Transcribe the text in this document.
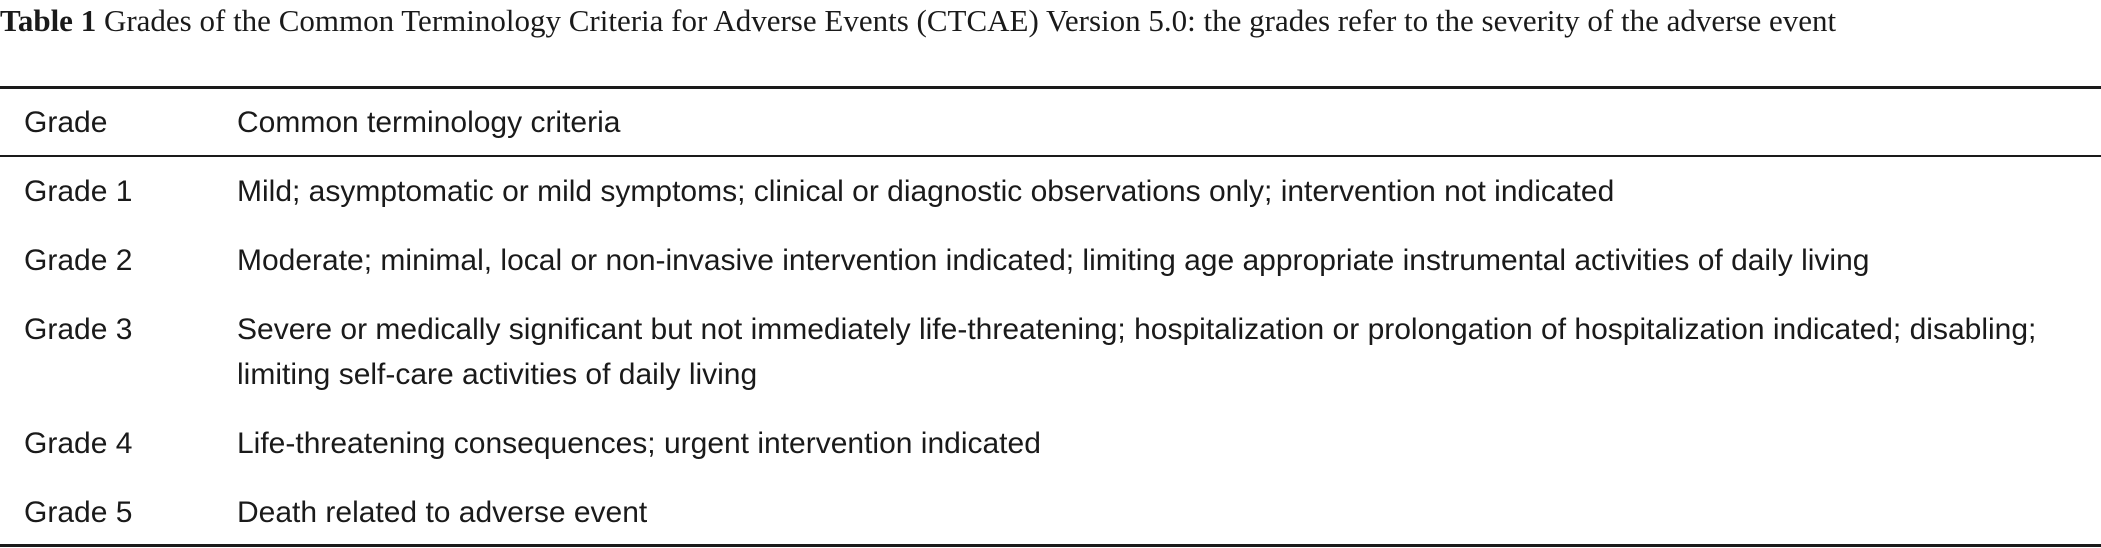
Table 1 Grades of the Common Terminology Criteria for Adverse Events (CTCAE) Version 5.0: the grades refer to the severity of the adverse event
Grade	Common terminology criteria
Grade 1	Mild; asymptomatic or mild symptoms; clinical or diagnostic observations only; intervention not indicated
Grade 2	Moderate; minimal, local or non-invasive intervention indicated; limiting age appropriate instrumental activities of daily living
Grade 3	Severe or medically significant but not immediately life-threatening; hospitalization or prolongation of hospitalization indicated; disabling; limiting self-care activities of daily living
Grade 4	Life-threatening consequences; urgent intervention indicated
Grade 5	Death related to adverse event
